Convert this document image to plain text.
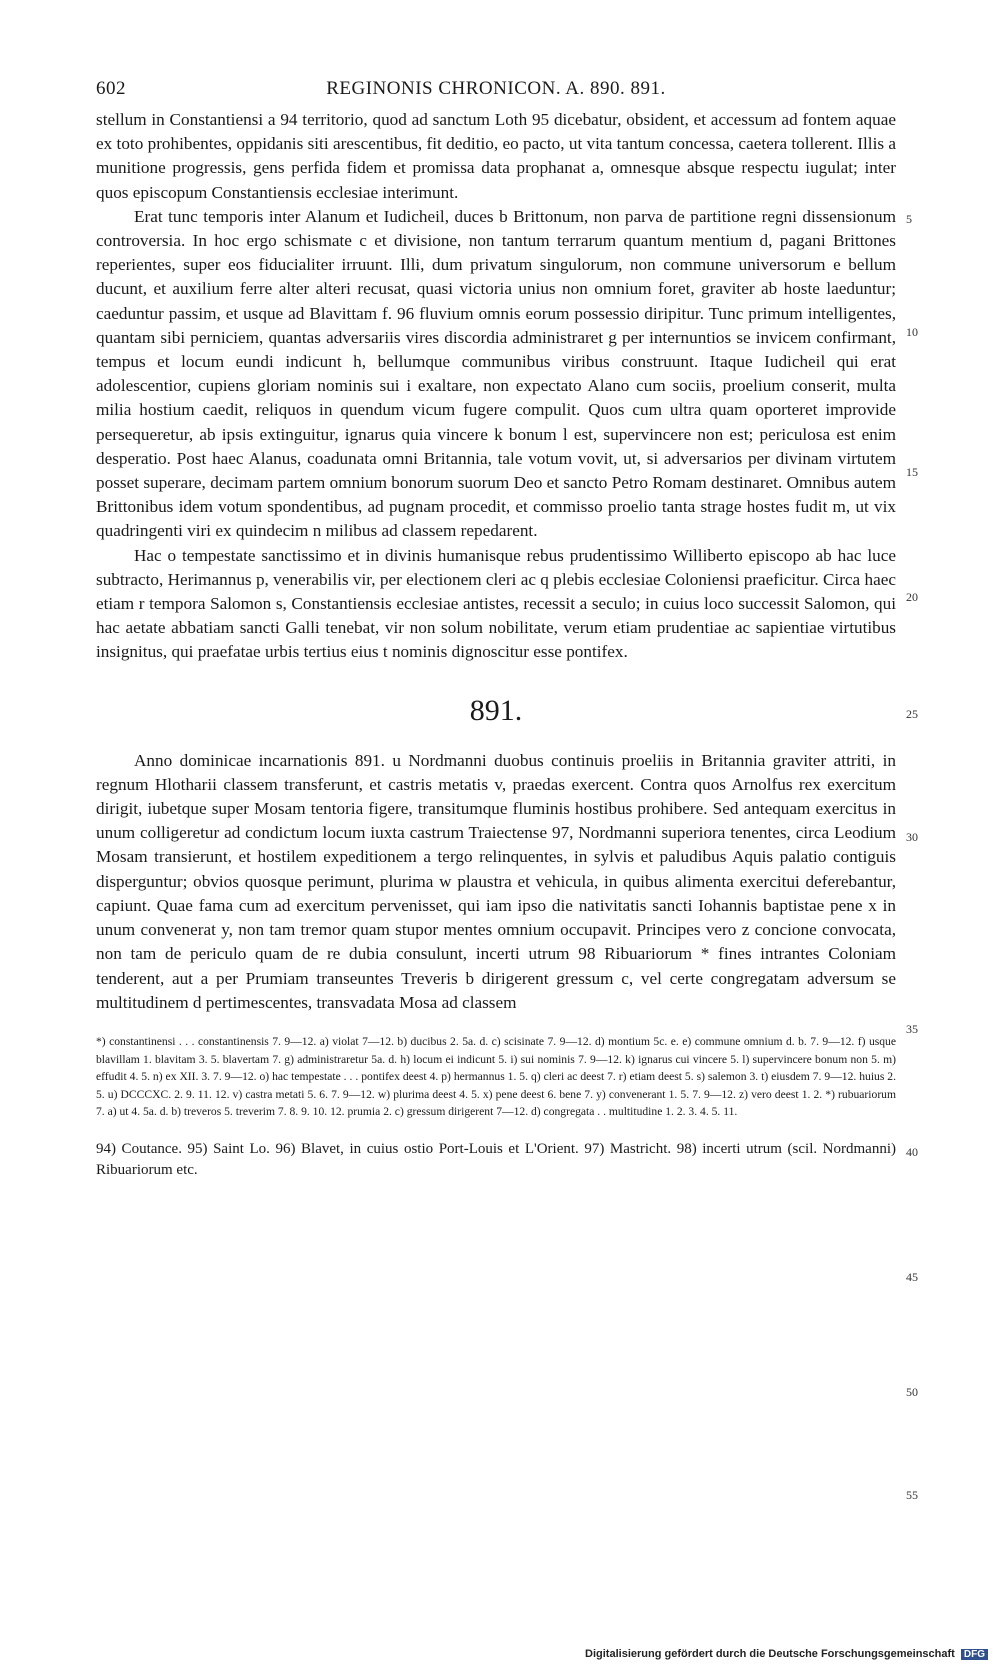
602	REGINONIS CHRONICON. A. 890. 891.

stellum in Constantiensi a 94 territorio, quod ad sanctum Loth 95 dicebatur, obsident, et accessum ad fontem aquae ex toto prohibentes, oppidanis siti arescentibus, fit deditio, eo pacto, ut vita tantum concessa, caetera tollerent. Illis a munitione progressis, gens perfida fidem et promissa data prophanat a, omnesque absque respectu iugulat; inter quos episcopum Constantiensis ecclesiae interimunt.

Erat tunc temporis inter Alanum et Iudicheil, duces b Brittonum, non parva de partitione regni dissensionum controversia. In hoc ergo schismate c et divisione, non tantum terrarum quantum mentium d, pagani Brittones reperientes, super eos fiducialiter irruunt. Illi, dum privatum singulorum, non commune universorum e bellum ducunt, et auxilium ferre alter alteri recusat, quasi victoria unius non omnium foret, graviter ab hoste laeduntur; caeduntur passim, et usque ad Blavittam f. 96 fluvium omnis eorum possessio diripitur. Tunc primum intelligentes, quantam sibi perniciem, quantas adversariis vires discordia administraret g per internuntios se invicem confirmant, tempus et locum eundi indicunt h, bellumque communibus viribus construunt. Itaque Iudicheil qui erat adolescentior, cupiens gloriam nominis sui i exaltare, non expectato Alano cum sociis, proelium conserit, multa milia hostium caedit, reliquos in quendum vicum fugere compulit. Quos cum ultra quam oporteret improvide persequeretur, ab ipsis extinguitur, ignarus quia vincere k bonum l est, supervincere non est; periculosa est enim desperatio. Post haec Alanus, coadunata omni Britannia, tale votum vovit, ut, si adversarios per divinam virtutem posset superare, decimam partem omnium bonorum suorum Deo et sancto Petro Romam destinaret. Omnibus autem Brittonibus idem votum spondentibus, ad pugnam procedit, et commisso proelio tanta strage hostes fudit m, ut vix quadringenti viri ex quindecim n milibus ad classem repedarent.

Hac o tempestate sanctissimo et in divinis humanisque rebus prudentissimo Williberto episcopo ab hac luce subtracto, Herimannus p, venerabilis vir, per electionem cleri ac q plebis ecclesiae Coloniensi praeficitur. Circa haec etiam r tempora Salomon s, Constantiensis ecclesiae antistes, recessit a seculo; in cuius loco successit Salomon, qui hac aetate abbatiam sancti Galli tenebat, vir non solum nobilitate, verum etiam prudentiae ac sapientiae virtutibus insignitus, qui praefatae urbis tertius eius t nominis dignoscitur esse pontifex.

891.

Anno dominicae incarnationis 891. u Nordmanni duobus continuis proeliis in Britannia graviter attriti, in regnum Hlotharii classem transferunt, et castris metatis v, praedas exercent. Contra quos Arnolfus rex exercitum dirigit, iubetque super Mosam tentoria figere, transitumque fluminis hostibus prohibere. Sed antequam exercitus in unum colligeretur ad condictum locum iuxta castrum Traiectense 97, Nordmanni superiora tenentes, circa Leodium Mosam transierunt, et hostilem expeditionem a tergo relinquentes, in sylvis et paludibus Aquis palatio contiguis disperguntur; obvios quosque perimunt, plurima w plaustra et vehicula, in quibus alimenta exercitui deferebantur, capiunt. Quae fama cum ad exercitum pervenisset, qui iam ipso die nativitatis sancti Iohannis baptistae pene x in unum convenerat y, non tam tremor quam stupor mentes omnium occupavit. Principes vero z concione convocata, non tam de periculo quam de re dubia consulunt, incerti utrum 98 Ribuariorum * fines intrantes Coloniam tenderent, aut a per Prumiam transeuntes Treveris b dirigerent gressum c, vel certe congregatam adversum se multitudinem d pertimescentes, transvadata Mosa ad classem

*) constantinensi . . . constantinensis 7. 9—12. a) violat 7—12. b) ducibus 2. 5a. d. c) scisinate 7. 9—12. d) montium 5c. e. e) commune omnium d. b. 7. 9—12. f) usque blavillam 1. blavitam 3. 5. blavertam 7. g) administraretur 5a. d. h) locum ei indicunt 5. i) sui nominis 7. 9—12. k) ignarus cui vincere 5. l) supervincere bonum non 5. m) effudit 4. 5. n) ex XII. 3. 7. 9—12. o) hac tempestate . . . pontifex deest 4. p) hermannus 1. 5. q) cleri ac deest 7. r) etiam deest 5. s) salemon 3. t) eiusdem 7. 9—12. huius 2. 5. u) DCCCXC. 2. 9. 11. 12. v) castra metati 5. 6. 7. 9—12. w) plurima deest 4. 5. x) pene deest 6. bene 7. y) convenerant 1. 5. 7. 9—12. z) vero deest 1. 2. *) rubuariorum 7. a) ut 4. 5a. d. b) treveros 5. treverim 7. 8. 9. 10. 12. prumia 2. c) gressum dirigerent 7—12. d) congregata . . multitudine 1. 2. 3. 4. 5. 11.
94) Coutance. 95) Saint Lo. 96) Blavet, in cuius ostio Port-Louis et L'Orient. 97) Mastricht. 98) incerti utrum (scil. Nordmanni) Ribuariorum etc.
5
10
15
20
25
30
35
40
45
50
55
Digitalisierung gefördert durch die Deutsche Forschungsgemeinschaft DFG
